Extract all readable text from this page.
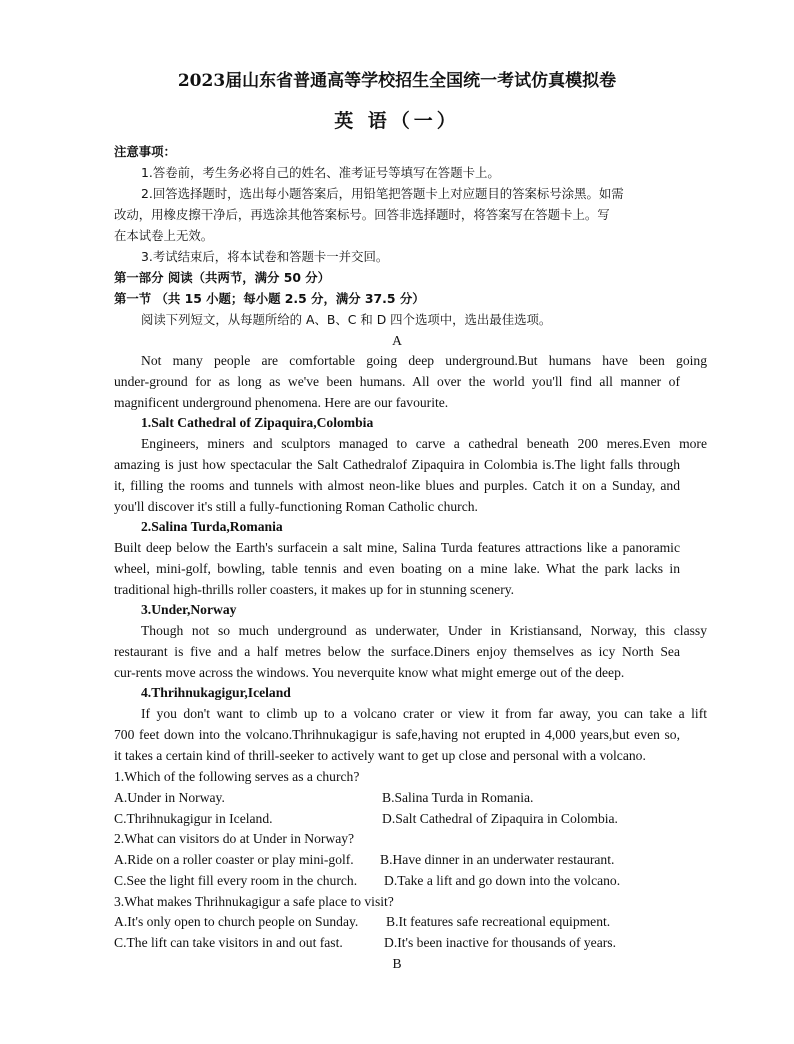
2023届山东省普通高等学校招生全国统一考试仿真模拟卷
英 语（一）
注意事项：
1.答卷前，考生务必将自己的姓名、准考证号等填写在答题卡上。
2.回答选择题时，选出每小题答案后，用铅笔把答题卡上对应题目的答案标号涂黑。如需
改动，用橡皮擦干净后，再选涂其他答案标号。回答非选择题时，将答案写在答题卡上。写
在本试卷上无效。
3.考试结束后，将本试卷和答题卡一并交回。
第一部分 阅读（共两节，满分 50 分）
第一节 （共 15 小题；每小题 2.5 分，满分 37.5 分）
阅读下列短文，从每题所给的 A、B、C 和 D 四个选项中，选出最佳选项。
A
Not many people are comfortable going deep underground.But humans have been going
under-ground for as long as we've been humans. All over the world you'll find all manner of
magnificent underground phenomena. Here are our favourite.
1.Salt Cathedral of Zipaquira,Colombia
Engineers, miners and sculptors managed to carve a cathedral beneath 200 meres.Even more
amazing is just how spectacular the Salt Cathedralof Zipaquira in Colombia is.The light falls through
it, filling the rooms and tunnels with almost neon-like blues and purples. Catch it on a Sunday, and
you'll discover it's still a fully-functioning Roman Catholic church.
2.Salina Turda,Romania
Built deep below the Earth's surfacein a salt mine, Salina Turda features attractions like a panoramic
wheel, mini-golf, bowling, table tennis and even boating on a mine lake. What the park lacks in
traditional high-thrills roller coasters, it makes up for in stunning scenery.
3.Under,Norway
Though not so much underground as underwater, Under in Kristiansand, Norway, this classy
restaurant is five and a half metres below the surface.Diners enjoy themselves as icy North Sea
cur-rents move across the windows. You neverquite know what might emerge out of the deep.
4.Thrihnukagigur,Iceland
If you don't want to climb up to a volcano crater or view it from far away, you can take a lift
700 feet down into the volcano.Thrihnukagigur is safe,having not erupted in 4,000 years,but even so,
it takes a certain kind of thrill-seeker to actively want to get up close and personal with a volcano.
1.Which of the following serves as a church?
A.Under in Norway.	B.Salina Turda in Romania.
C.Thrihnukagigur in Iceland.	D.Salt Cathedral of Zipaquira in Colombia.
2.What can visitors do at Under in Norway?
A.Ride on a roller coaster or play mini-golf. B.Have dinner in an underwater restaurant.
C.See the light fill every room in the church. D.Take a lift and go down into the volcano.
3.What makes Thrihnukagigur a safe place to visit?
A.It's only open to church people on Sunday. B.It features safe recreational equipment.
C.The lift can take visitors in and out fast.	D.It's been inactive for thousands of years.
B
